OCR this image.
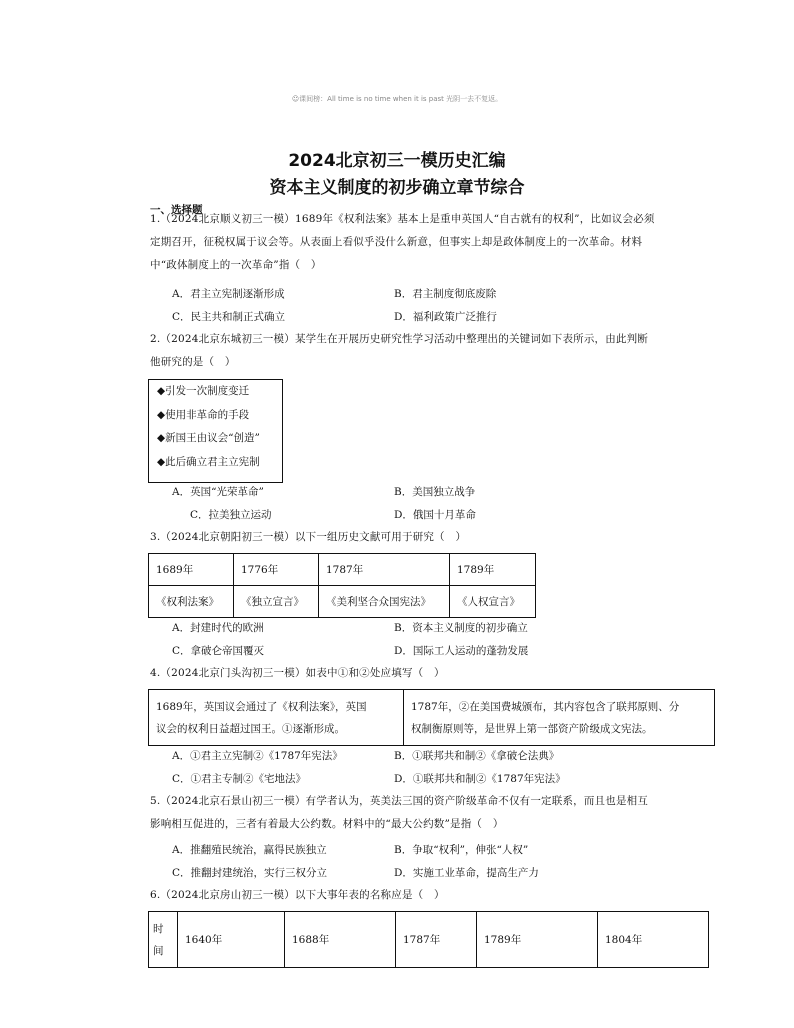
☺课间榜：All time is no time when it is past 光阴一去不复返。
2024北京初三一模历史汇编
资本主义制度的初步确立章节综合
一、选择题
1.（2024北京顺义初三一模）1689年《权利法案》基本上是重申英国人“自古就有的权利”，比如议会必须
定期召开，征税权属于议会等。从表面上看似乎没什么新意，但事实上却是政体制度上的一次革命。材料
中“政体制度上的一次革命”指（　）
A．君主立宪制逐渐形成	B．君主制度彻底废除
C．民主共和制正式确立	D．福利政策广泛推行
2.（2024北京东城初三一模）某学生在开展历史研究性学习活动中整理出的关键词如下表所示，由此判断
他研究的是（　）
◆引发一次制度变迁
◆使用非革命的手段
◆新国王由议会“创造”
◆此后确立君主立宪制
A．英国“光荣革命”	B．美国独立战争
C．拉美独立运动	D．俄国十月革命
3.（2024北京朝阳初三一模）以下一组历史文献可用于研究（　）
1689年	1776年	1787年	1789年
《权利法案》	《独立宣言》	《美利坚合众国宪法》	《人权宣言》
A．封建时代的欧洲	B．资本主义制度的初步确立
C．拿破仑帝国覆灭	D．国际工人运动的蓬勃发展
4.（2024北京门头沟初三一模）如表中①和②处应填写（　）
1689年，英国议会通过了《权利法案》，英国
议会的权利日益超过国王。①逐渐形成。

1787年，②在美国费城颁布，其内容包含了联邦原则、分
权制衡原则等，是世界上第一部资产阶级成文宪法。
A．①君主立宪制②《1787年宪法》	B．①联邦共和制②《拿破仑法典》
C．①君主专制②《宅地法》	D．①联邦共和制②《1787年宪法》
5.（2024北京石景山初三一模）有学者认为，英美法三国的资产阶级革命不仅有一定联系，而且也是相互
影响相互促进的，三者有着最大公约数。材料中的“最大公约数”是指（　）
A．推翻殖民统治，赢得民族独立	B．争取“权利”，伸张“人权”
C．推翻封建统治，实行三权分立	D．实施工业革命，提高生产力
6.（2024北京房山初三一模）以下大事年表的名称应是（　）
时间	1640年	1688年	1787年	1789年	1804年
